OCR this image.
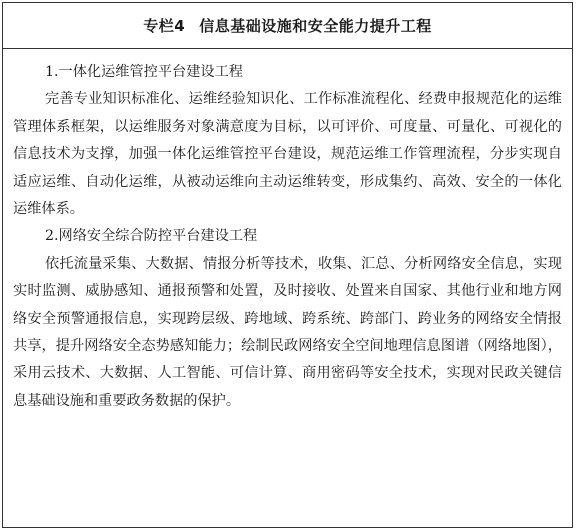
专栏4 信息基础设施和安全能力提升工程

1.一体化运维管控平台建设工程

完善专业知识标准化、运维经验知识化、工作标准流程化、经费申报规范化的运维管理体系框架，以运维服务对象满意度为目标，以可评价、可度量、可量化、可视化的信息技术为支撑，加强一体化运维管控平台建设，规范运维工作管理流程，分步实现自适应运维、自动化运维，从被动运维向主动运维转变，形成集约、高效、安全的一体化运维体系。

2.网络安全综合防控平台建设工程

依托流量采集、大数据、情报分析等技术，收集、汇总、分析网络安全信息，实现实时监测、威胁感知、通报预警和处置，及时接收、处置来自国家、其他行业和地方网络安全预警通报信息，实现跨层级、跨地域、跨系统、跨部门、跨业务的网络安全情报共享，提升网络安全态势感知能力；绘制民政网络安全空间地理信息图谱（网络地图），采用云技术、大数据、人工智能、可信计算、商用密码等安全技术，实现对民政关键信息基础设施和重要政务数据的保护。
